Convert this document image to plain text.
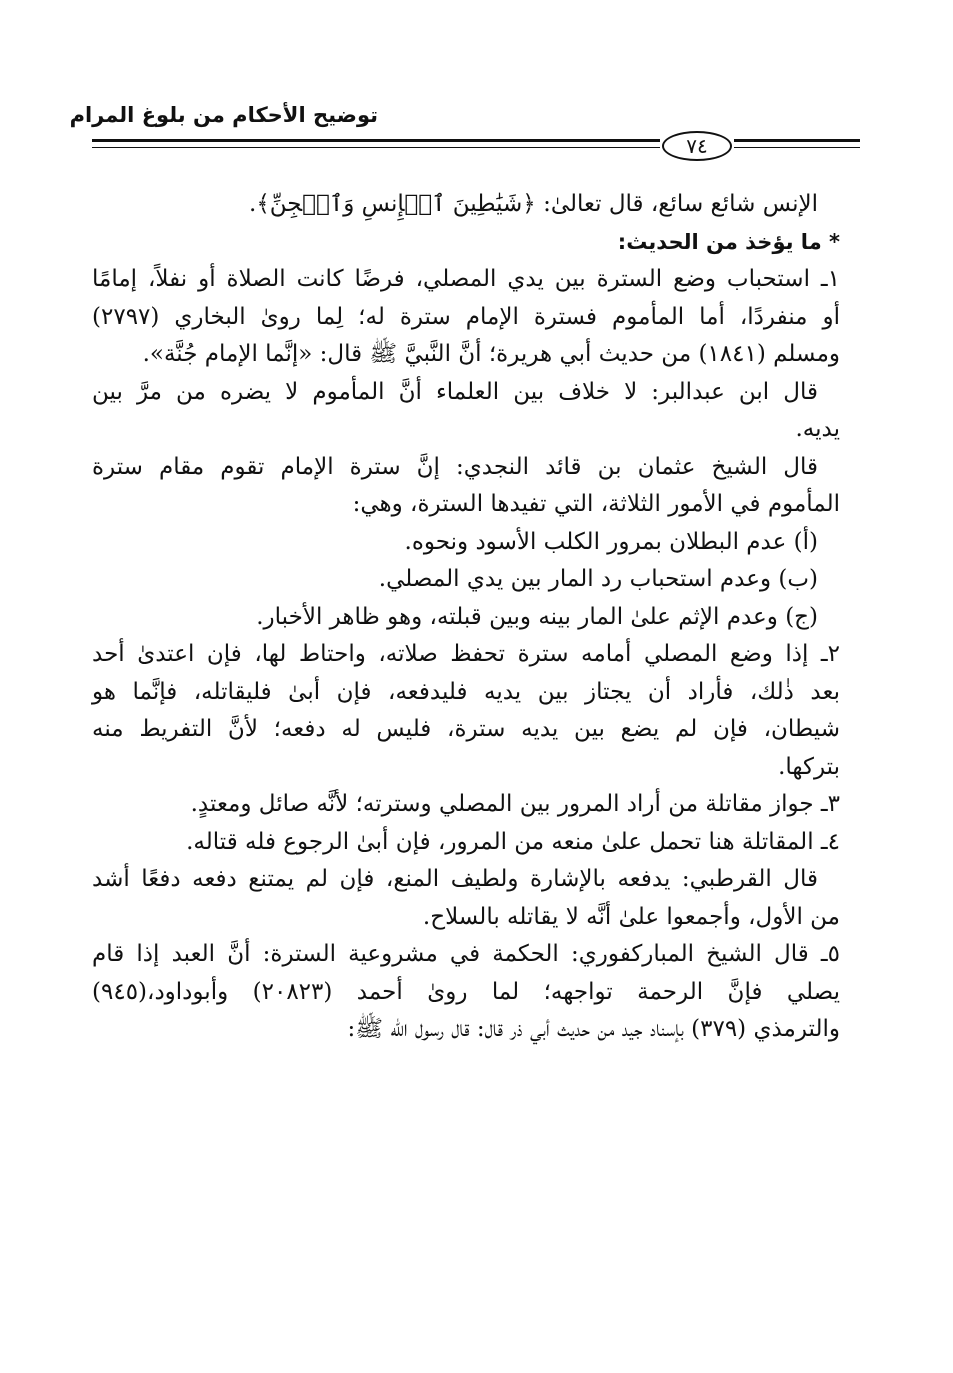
توضيح الأحكام من بلوغ المرام
٧٤
الإنس شائع سائع، قال تعالىٰ: ﴿شَيَٰطِينَ ٱلۡإِنسِ وَٱلۡجِنِّ﴾.
* ما يؤخذ من الحديث:
١ـ استحباب وضع السترة بين يدي المصلي، فرضًا كانت الصلاة أو نفلاً، إمامًا
أو منفردًا، أما المأموم فسترة الإمام سترة له؛ لِما روىٰ البخاري (٢٧٩٧)
ومسلم (١٨٤١) من حديث أبي هريرة؛ أنَّ النَّبيَّ ﷺ قال: «إنَّما الإمام جُنَّة».
قال ابن عبدالبر: لا خلاف بين العلماء أنَّ المأموم لا يضره من مرَّ بين
يديه.
قال الشيخ عثمان بن قائد النجدي: إنَّ سترة الإمام تقوم مقام سترة
المأموم في الأمور الثلاثة، التي تفيدها السترة، وهي:
(أ) عدم البطلان بمرور الكلب الأسود ونحوه.
(ب) وعدم استحباب رد المار بين يدي المصلي.
(ج) وعدم الإثم علىٰ المار بينه وبين قبلته، وهو ظاهر الأخبار.
٢ـ إذا وضع المصلي أمامه سترة تحفظ صلاته، واحتاط لها، فإن اعتدىٰ أحد
بعد ذٰلك، فأراد أن يجتاز بين يديه فليدفعه، فإن أبىٰ فليقاتله، فإنَّما هو
شيطان، فإن لم يضع بين يديه سترة، فليس له دفعه؛ لأنَّ التفريط منه
بتركها.
٣ـ جواز مقاتلة من أراد المرور بين المصلي وسترته؛ لأنَّه صائل ومعتدٍ.
٤ـ المقاتلة هنا تحمل علىٰ منعه من المرور، فإن أبىٰ الرجوع فله قتاله.
قال القرطبي: يدفعه بالإشارة ولطيف المنع، فإن لم يمتنع دفعه دفعًا أشد
من الأول، وأجمعوا علىٰ أنَّه لا يقاتله بالسلاح.
٥ـ قال الشيخ المباركفوري: الحكمة في مشروعية السترة: أنَّ العبد إذا قام
يصلي فإنَّ الرحمة تواجهه؛ لما روىٰ أحمد (٢٠٨٢٣) وأبوداود،(٩٤٥)
والترمذي (٣٧٩) بإسناد جيد من حديث أبي ذر قال: قال رسول الله ﷺ:
